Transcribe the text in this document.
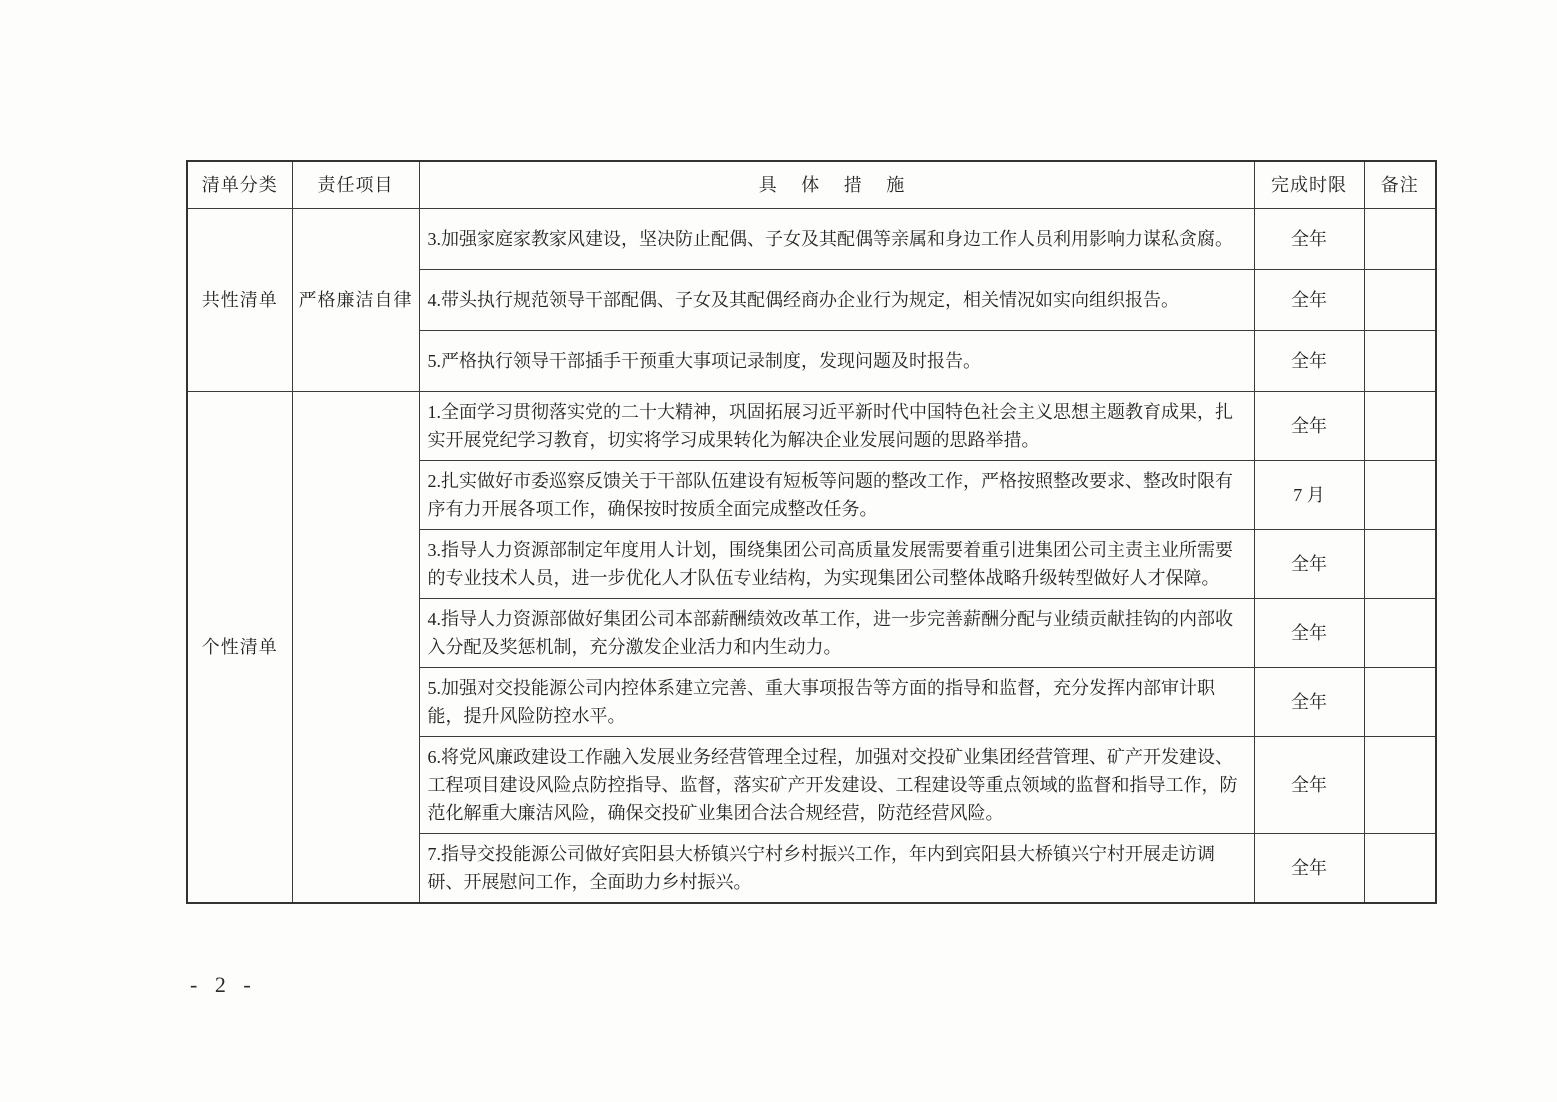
清单分类	责任项目	具 体 措 施	完成时限	备注
共性清单	严格廉洁自律	3.加强家庭家教家风建设，坚决防止配偶、子女及其配偶等亲属和身边工作人员利用影响力谋私贪腐。	全年	
		4.带头执行规范领导干部配偶、子女及其配偶经商办企业行为规定，相关情况如实向组织报告。	全年	
		5.严格执行领导干部插手干预重大事项记录制度，发现问题及时报告。	全年	
个性清单		1.全面学习贯彻落实党的二十大精神，巩固拓展习近平新时代中国特色社会主义思想主题教育成果，扎实开展党纪学习教育，切实将学习成果转化为解决企业发展问题的思路举措。	全年	
		2.扎实做好市委巡察反馈关于干部队伍建设有短板等问题的整改工作，严格按照整改要求、整改时限有序有力开展各项工作，确保按时按质全面完成整改任务。	7 月	
		3.指导人力资源部制定年度用人计划，围绕集团公司高质量发展需要着重引进集团公司主责主业所需要的专业技术人员，进一步优化人才队伍专业结构，为实现集团公司整体战略升级转型做好人才保障。	全年	
		4.指导人力资源部做好集团公司本部薪酬绩效改革工作，进一步完善薪酬分配与业绩贡献挂钩的内部收入分配及奖惩机制，充分激发企业活力和内生动力。	全年	
		5.加强对交投能源公司内控体系建立完善、重大事项报告等方面的指导和监督，充分发挥内部审计职能，提升风险防控水平。	全年	
		6.将党风廉政建设工作融入发展业务经营管理全过程，加强对交投矿业集团经营管理、矿产开发建设、工程项目建设风险点防控指导、监督，落实矿产开发建设、工程建设等重点领域的监督和指导工作，防范化解重大廉洁风险，确保交投矿业集团合法合规经营，防范经营风险。	全年	
		7.指导交投能源公司做好宾阳县大桥镇兴宁村乡村振兴工作，年内到宾阳县大桥镇兴宁村开展走访调研、开展慰问工作，全面助力乡村振兴。	全年	
- 2 -
